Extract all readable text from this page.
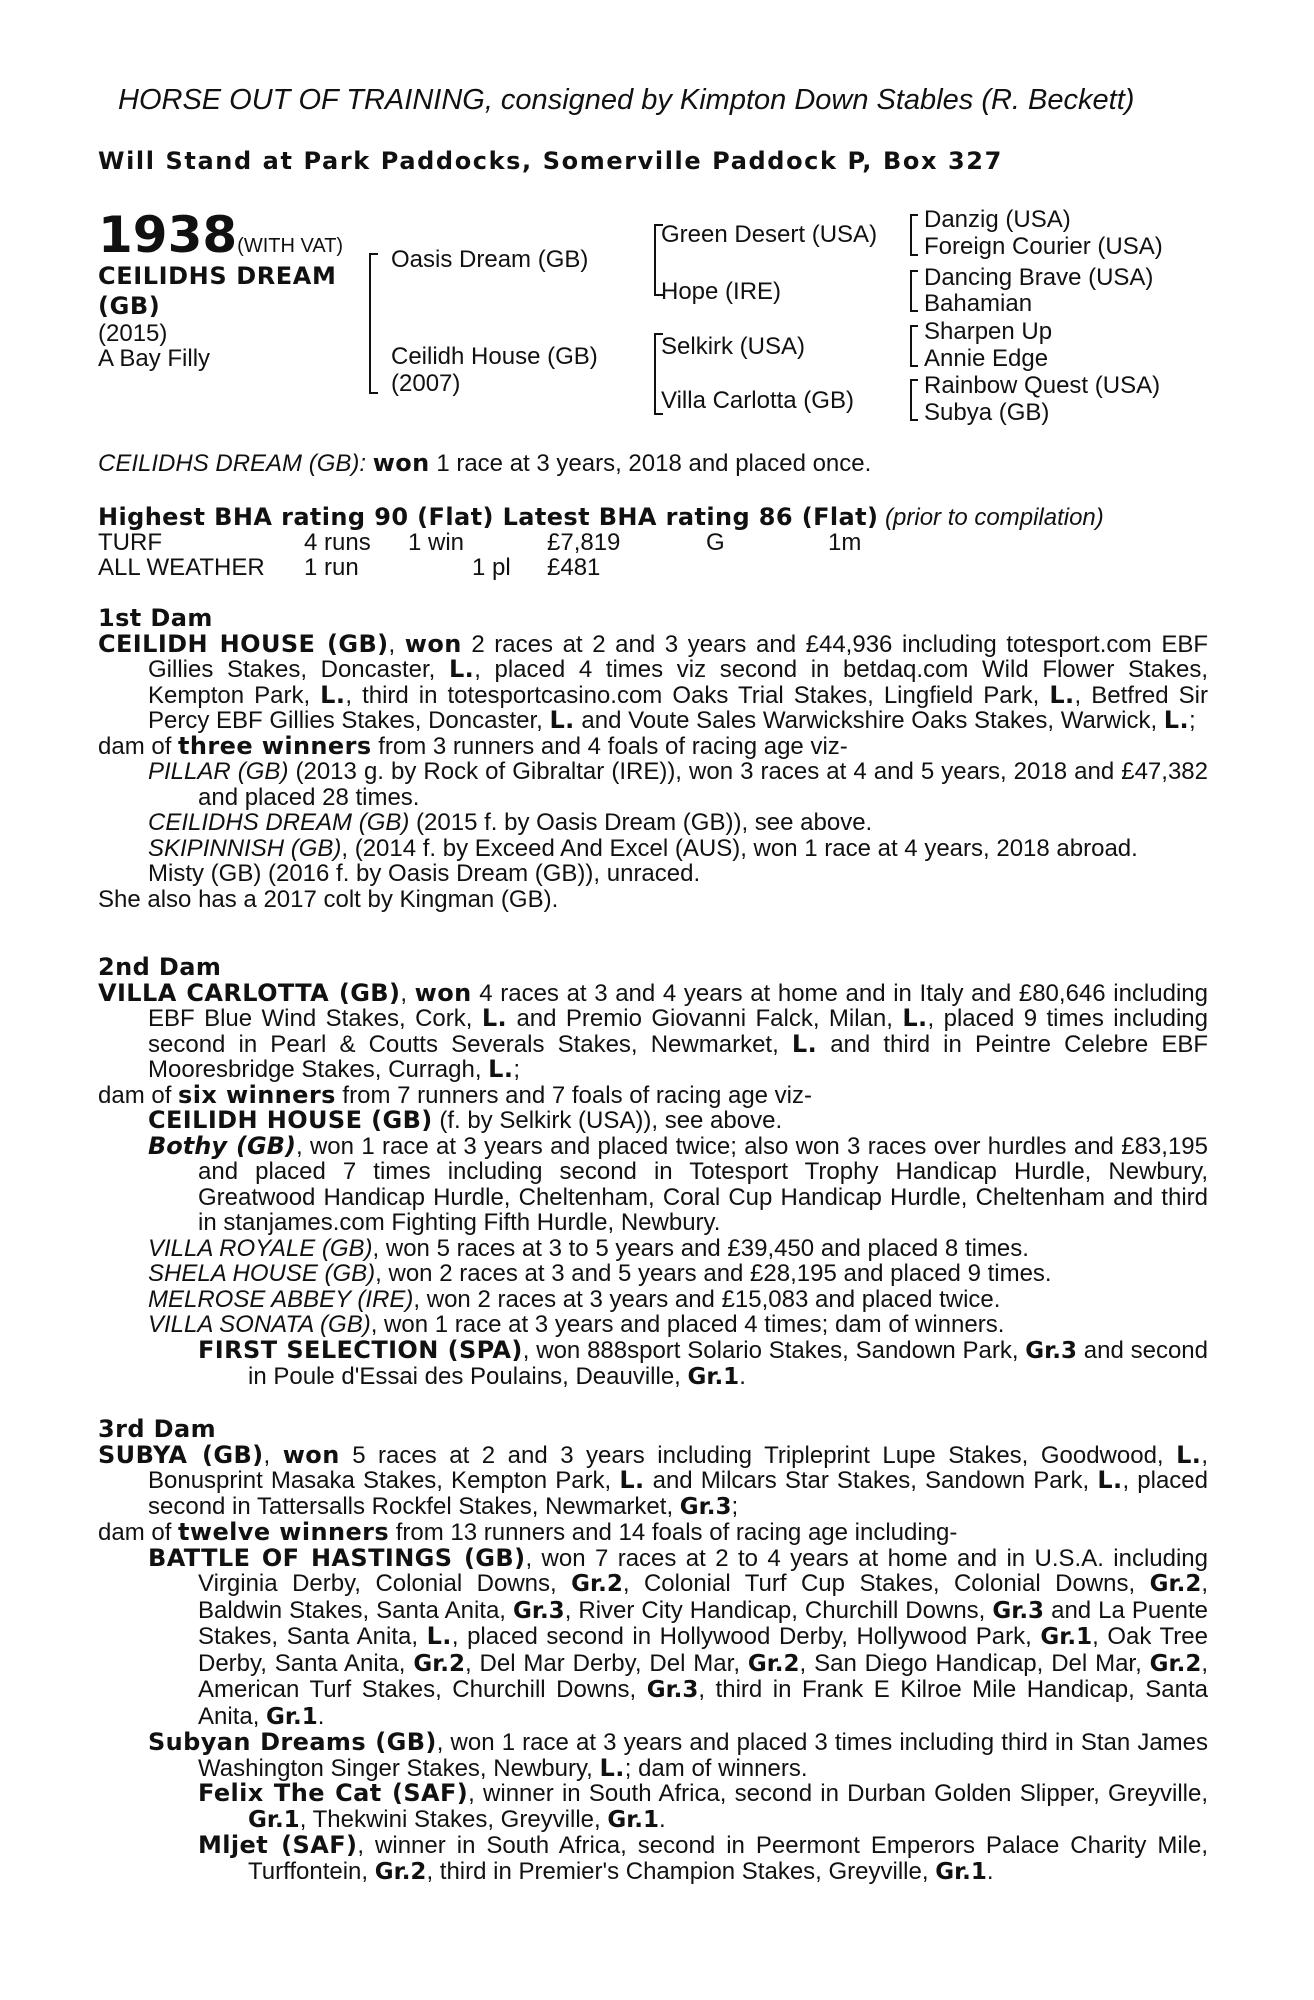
HORSE OUT OF TRAINING, consigned by Kimpton Down Stables (R. Beckett)
Will Stand at Park Paddocks, Somerville Paddock P, Box 327
1938(WITH VAT)
CEILIDHS DREAM
(GB)
(2015)
A Bay Filly
Oasis Dream (GB)
Ceilidh House (GB)
(2007)
Green Desert (USA)
Hope (IRE)
Selkirk (USA)
Villa Carlotta (GB)
Danzig (USA)
Foreign Courier (USA)
Dancing Brave (USA)
Bahamian
Sharpen Up
Annie Edge
Rainbow Quest (USA)
Subya (GB)
CEILIDHS DREAM (GB): won 1 race at 3 years, 2018 and placed once.
Highest BHA rating 90 (Flat) Latest BHA rating 86 (Flat) (prior to compilation)
TURF	4 runs 1 win	£7,819	G	1m
ALL WEATHER 1 run	1 pl £481

1st Dam

CEILIDH HOUSE (GB), won 2 races at 2 and 3 years and £44,936 including totesport.com EBF Gillies Stakes, Doncaster, L., placed 4 times viz second in betdaq.com Wild Flower Stakes, Kempton Park, L., third in totesportcasino.com Oaks Trial Stakes, Lingfield Park, L., Betfred Sir Percy EBF Gillies Stakes, Doncaster, L. and Voute Sales Warwickshire Oaks Stakes, Warwick, L.;

dam of three winners from 3 runners and 4 foals of racing age viz-

PILLAR (GB) (2013 g. by Rock of Gibraltar (IRE)), won 3 races at 4 and 5 years, 2018 and £47,382 and placed 28 times.

CEILIDHS DREAM (GB) (2015 f. by Oasis Dream (GB)), see above.

SKIPINNISH (GB), (2014 f. by Exceed And Excel (AUS), won 1 race at 4 years, 2018 abroad.

Misty (GB) (2016 f. by Oasis Dream (GB)), unraced.

She also has a 2017 colt by Kingman (GB).

2nd Dam

VILLA CARLOTTA (GB), won 4 races at 3 and 4 years at home and in Italy and £80,646 including EBF Blue Wind Stakes, Cork, L. and Premio Giovanni Falck, Milan, L., placed 9 times including second in Pearl & Coutts Severals Stakes, Newmarket, L. and third in Peintre Celebre EBF Mooresbridge Stakes, Curragh, L.;

dam of six winners from 7 runners and 7 foals of racing age viz-

CEILIDH HOUSE (GB) (f. by Selkirk (USA)), see above.

Bothy (GB), won 1 race at 3 years and placed twice; also won 3 races over hurdles and £83,195 and placed 7 times including second in Totesport Trophy Handicap Hurdle, Newbury, Greatwood Handicap Hurdle, Cheltenham, Coral Cup Handicap Hurdle, Cheltenham and third in stanjames.com Fighting Fifth Hurdle, Newbury.

VILLA ROYALE (GB), won 5 races at 3 to 5 years and £39,450 and placed 8 times.

SHELA HOUSE (GB), won 2 races at 3 and 5 years and £28,195 and placed 9 times.

MELROSE ABBEY (IRE), won 2 races at 3 years and £15,083 and placed twice.

VILLA SONATA (GB), won 1 race at 3 years and placed 4 times; dam of winners.

FIRST SELECTION (SPA), won 888sport Solario Stakes, Sandown Park, Gr.3 and second in Poule d'Essai des Poulains, Deauville, Gr.1.

3rd Dam

SUBYA (GB), won 5 races at 2 and 3 years including Tripleprint Lupe Stakes, Goodwood, L., Bonusprint Masaka Stakes, Kempton Park, L. and Milcars Star Stakes, Sandown Park, L., placed second in Tattersalls Rockfel Stakes, Newmarket, Gr.3;

dam of twelve winners from 13 runners and 14 foals of racing age including-

BATTLE OF HASTINGS (GB), won 7 races at 2 to 4 years at home and in U.S.A. including Virginia Derby, Colonial Downs, Gr.2, Colonial Turf Cup Stakes, Colonial Downs, Gr.2, Baldwin Stakes, Santa Anita, Gr.3, River City Handicap, Churchill Downs, Gr.3 and La Puente Stakes, Santa Anita, L., placed second in Hollywood Derby, Hollywood Park, Gr.1, Oak Tree Derby, Santa Anita, Gr.2, Del Mar Derby, Del Mar, Gr.2, San Diego Handicap, Del Mar, Gr.2, American Turf Stakes, Churchill Downs, Gr.3, third in Frank E Kilroe Mile Handicap, Santa Anita, Gr.1.

Subyan Dreams (GB), won 1 race at 3 years and placed 3 times including third in Stan James Washington Singer Stakes, Newbury, L.; dam of winners.

Felix The Cat (SAF), winner in South Africa, second in Durban Golden Slipper, Greyville, Gr.1, Thekwini Stakes, Greyville, Gr.1.

Mljet (SAF), winner in South Africa, second in Peermont Emperors Palace Charity Mile, Turffontein, Gr.2, third in Premier's Champion Stakes, Greyville, Gr.1.
